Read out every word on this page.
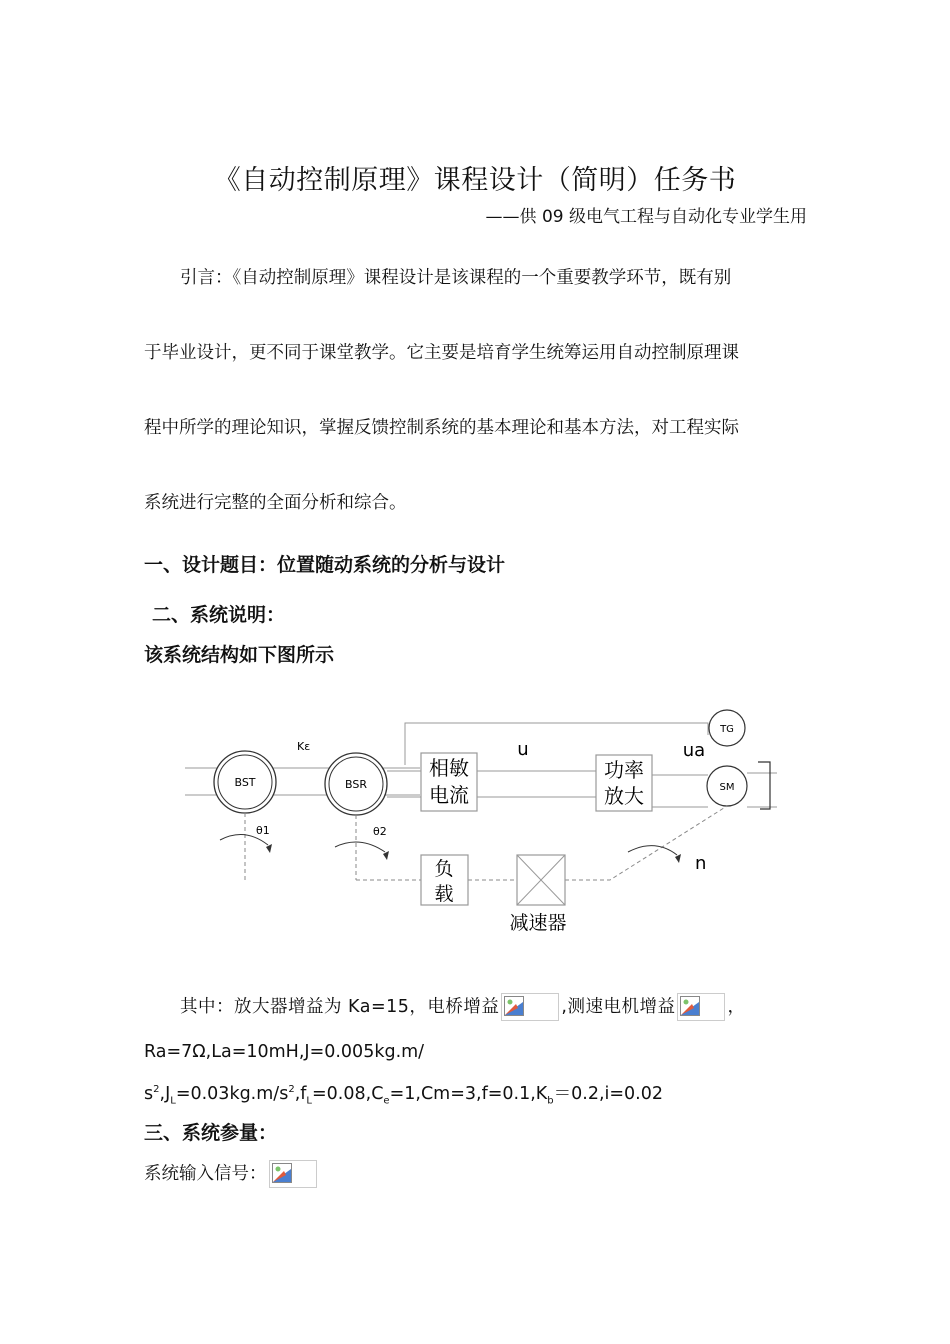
《自动控制原理》课程设计（简明）任务书
——供 09 级电气工程与自动化专业学生用
引言：《自动控制原理》课程设计是该课程的一个重要教学环节，既有别
于毕业设计，更不同于课堂教学。它主要是培育学生统筹运用自动控制原理课
程中所学的理论知识，掌握反馈控制系统的基本理论和基本方法，对工程实际
系统进行完整的全面分析和综合。
一、设计题目：位置随动系统的分析与设计
二、系统说明：
该系统结构如下图所示
BST	BSR
Kε
相敏
电流
u
功率
放大
ua
TG
SM
θ1	θ2
负
载
减速器
n
其中：放大器增益为 Ka=15，电桥增益	,测速电机增益	，
Ra=7Ω,La=10mH,J=0.005kg.m/
$s^2,J_L=0.03kg.m/s^2,f_L=0.08,C_e=1,Cm=3,f=0.1,K_b=0.2,i=0.02$
三、系统参量：
系统输入信号：
